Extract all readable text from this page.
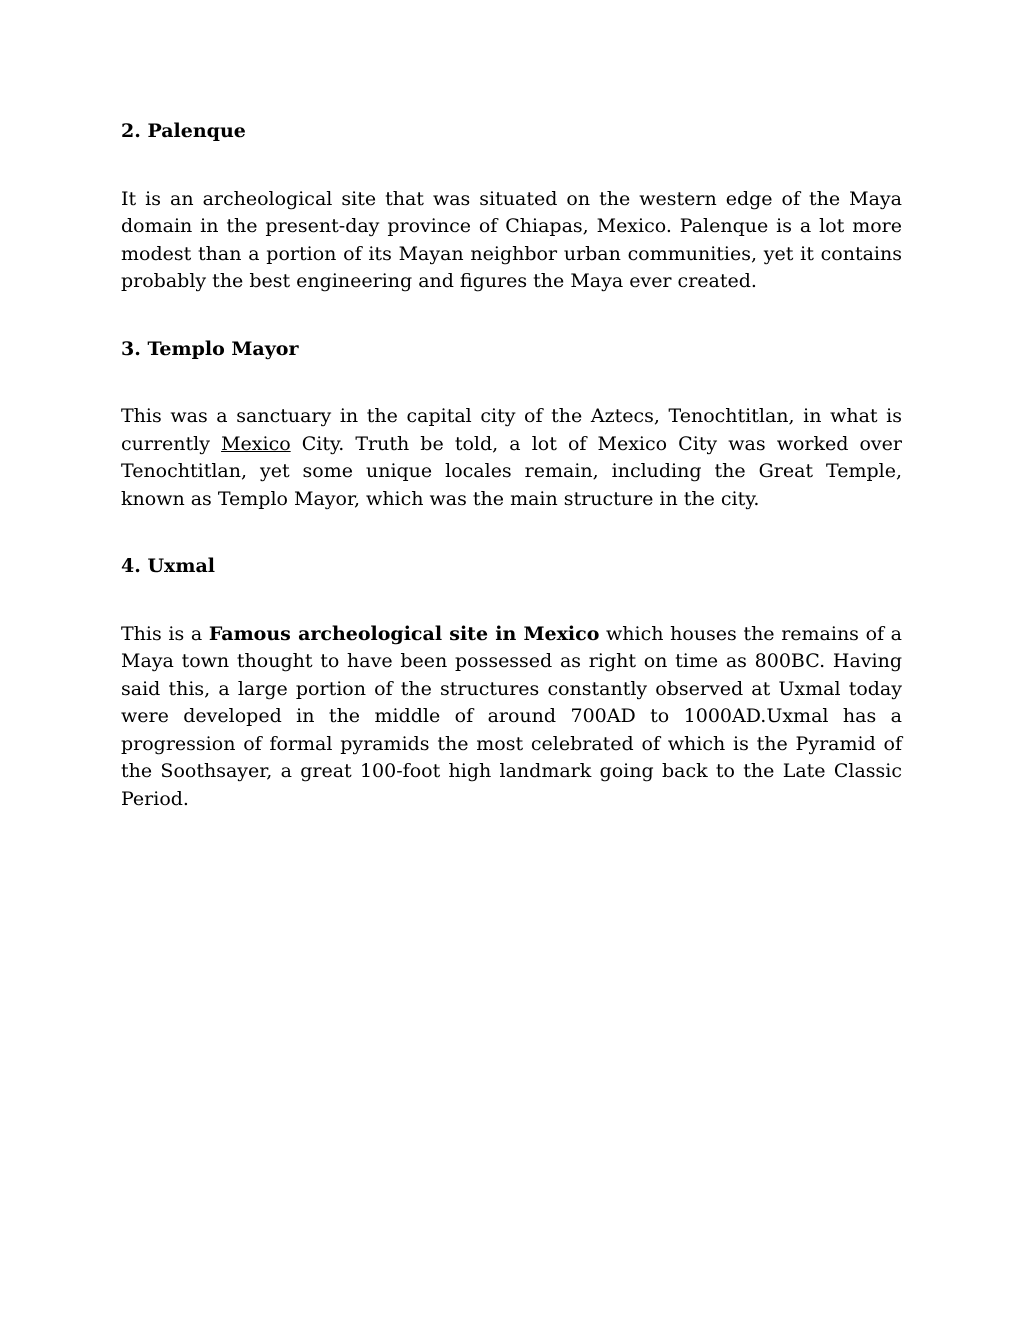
2. Palenque
It is an archeological site that was situated on the western edge of the Maya domain in the present-day province of Chiapas, Mexico. Palenque is a lot more modest than a portion of its Mayan neighbor urban communities, yet it contains probably the best engineering and figures the Maya ever created.
3. Templo Mayor
This was a sanctuary in the capital city of the Aztecs, Tenochtitlan, in what is currently Mexico City. Truth be told, a lot of Mexico City was worked over Tenochtitlan, yet some unique locales remain, including the Great Temple, known as Templo Mayor, which was the main structure in the city.
4. Uxmal
This is a Famous archeological site in Mexico which houses the remains of a Maya town thought to have been possessed as right on time as 800BC. Having said this, a large portion of the structures constantly observed at Uxmal today were developed in the middle of around 700AD to 1000AD.Uxmal has a progression of formal pyramids the most celebrated of which is the Pyramid of the Soothsayer, a great 100-foot high landmark going back to the Late Classic Period.
